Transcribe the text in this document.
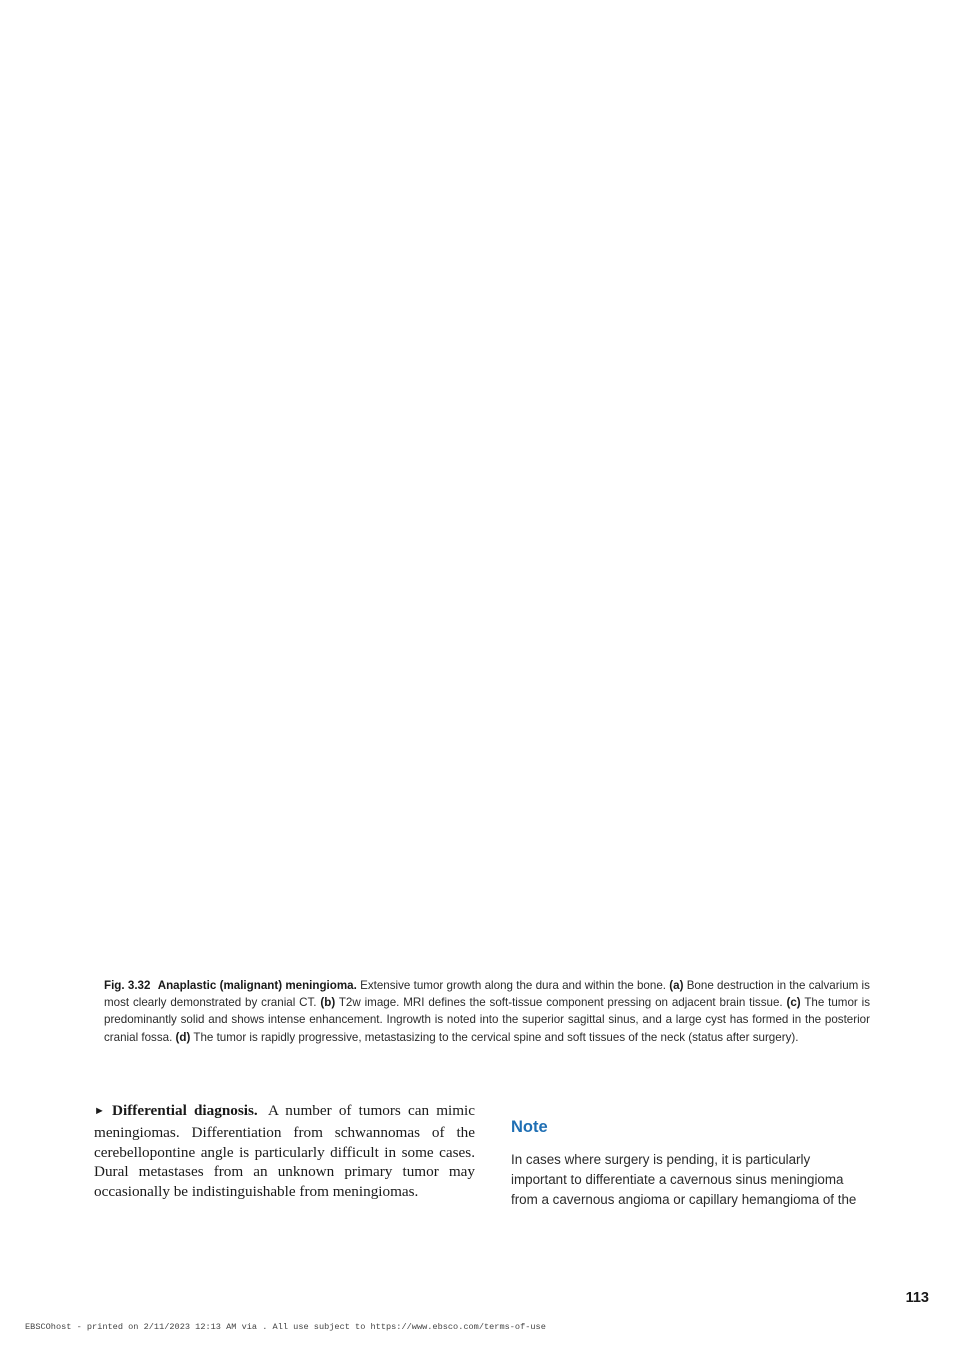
Fig. 3.32 Anaplastic (malignant) meningioma. Extensive tumor growth along the dura and within the bone. (a) Bone destruction in the calvarium is most clearly demonstrated by cranial CT. (b) T2w image. MRI defines the soft-tissue component pressing on adjacent brain tissue. (c) The tumor is predominantly solid and shows intense enhancement. Ingrowth is noted into the superior sagittal sinus, and a large cyst has formed in the posterior cranial fossa. (d) The tumor is rapidly progressive, metastasizing to the cervical spine and soft tissues of the neck (status after surgery).
► Differential diagnosis. A number of tumors can mimic meningiomas. Differentiation from schwannomas of the cerebellopontine angle is particularly difficult in some cases. Dural metastases from an unknown primary tumor may occasionally be indistinguishable from meningiomas.
Note
In cases where surgery is pending, it is particularly important to differentiate a cavernous sinus meningioma from a cavernous angioma or capillary hemangioma of the
113
EBSCOhost - printed on 2/11/2023 12:13 AM via . All use subject to https://www.ebsco.com/terms-of-use
